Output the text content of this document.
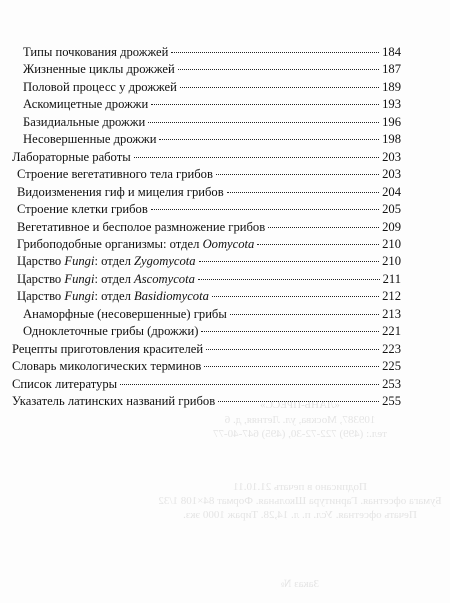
«ЛАНЬ-ПРЕСС»
109387, Москва, ул. Летняя, д. 6
тел.: (499) 722-72-30, (495) 647-40-77
Подписано в печать 21.10.11
Бумага офсетная. Гарнитура Школьная. Формат 84×108 1/32
Печать офсетная. Усл. п. л. 14,28. Тираж 1000 экз.
Заказ №
Типы почкования дрожжей	184
Жизненные циклы дрожжей	187
Половой процесс у дрожжей	189
Аскомицетные дрожжи	193
Базидиальные дрожжи	196
Несовершенные дрожжи	198
Лабораторные работы	203
Строение вегетативного тела грибов	203
Видоизменения гиф и мицелия грибов	204
Строение клетки грибов	205
Вегетативное и бесполое размножение грибов	209
Грибоподобные организмы: отдел Oomycota	210
Царство Fungi: отдел Zygomycota	210
Царство Fungi: отдел Ascomycota	211
Царство Fungi: отдел Basidiomycota	212
Анаморфные (несовершенные) грибы	213
Одноклеточные грибы (дрожжи)	221
Рецепты приготовления красителей	223
Словарь микологических терминов	225
Список литературы	253
Указатель латинских названий грибов	255
